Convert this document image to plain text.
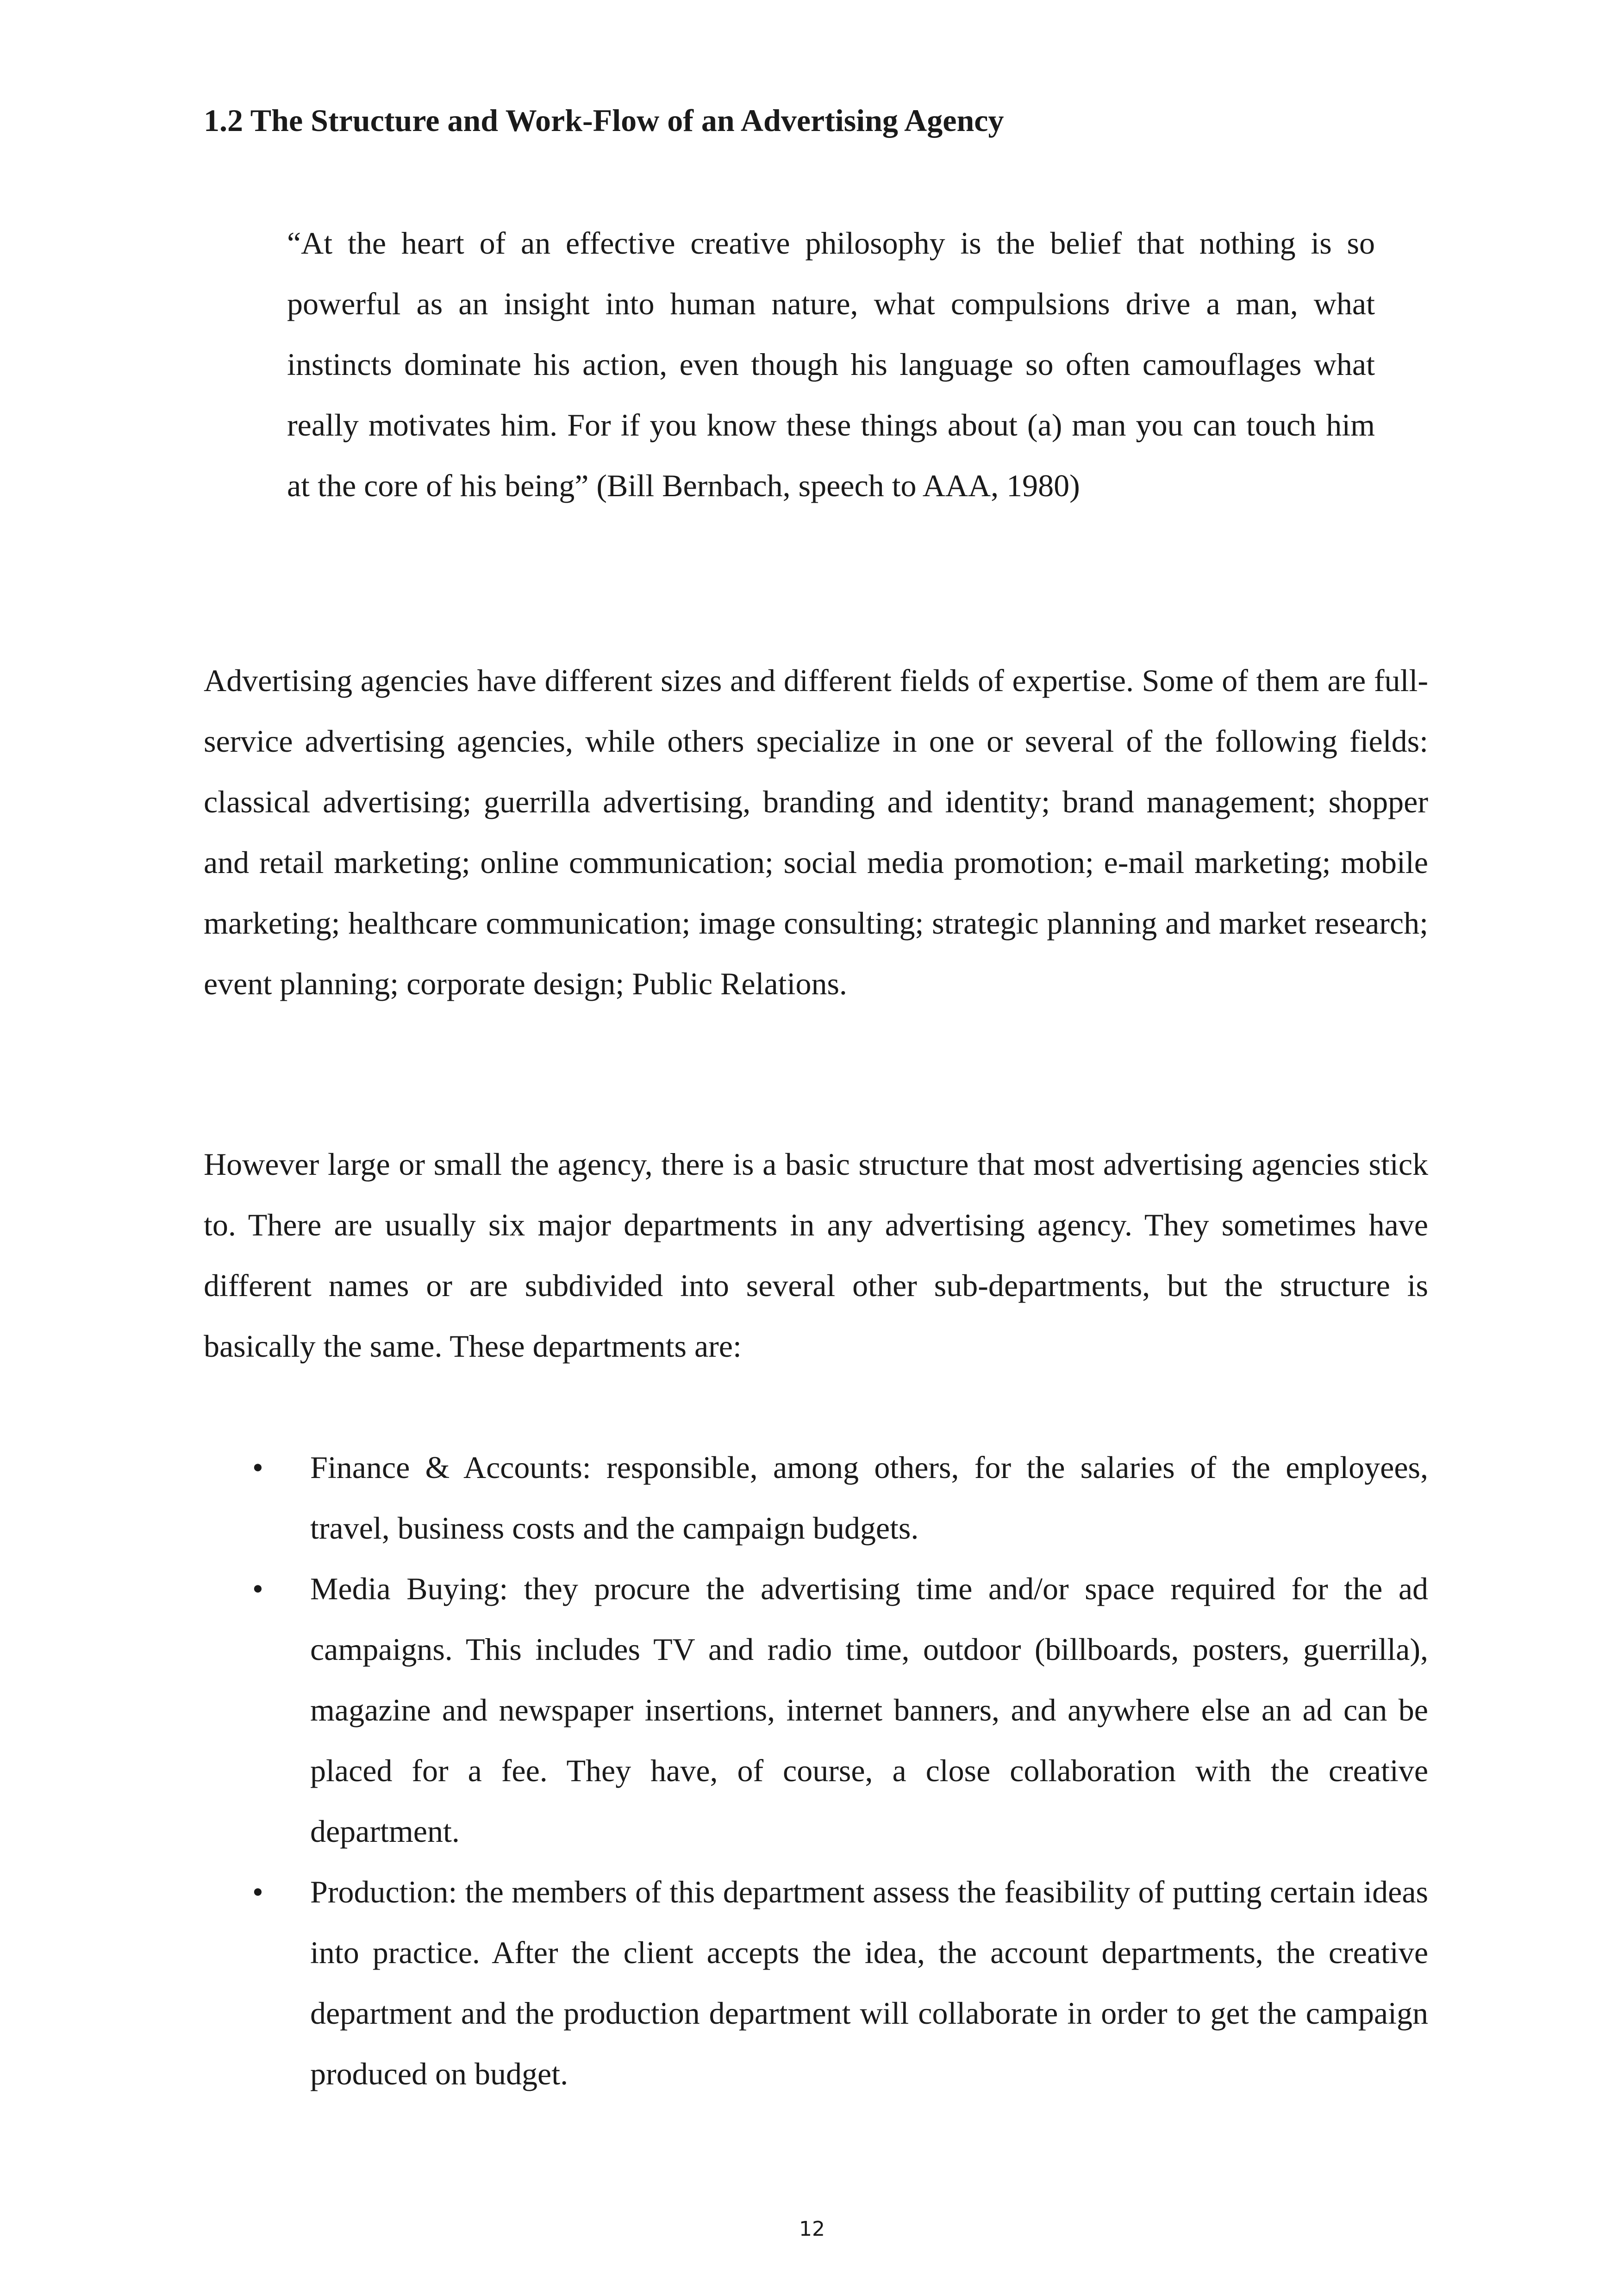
1.2 The Structure and Work-Flow of an Advertising Agency

“At the heart of an effective creative philosophy is the belief that nothing is so powerful as an insight into human nature, what compulsions drive a man, what instincts dominate his action, even though his language so often camouflages what really motivates him. For if you know these things about (a) man you can touch him at the core of his being” (Bill Bernbach, speech to AAA, 1980)

Advertising agencies have different sizes and different fields of expertise. Some of them are full-service advertising agencies, while others specialize in one or several of the following fields: classical advertising; guerrilla advertising, branding and identity; brand management; shopper and retail marketing; online communication; social media promotion; e-mail marketing; mobile marketing; healthcare communication; image consulting; strategic planning and market research; event planning; corporate design; Public Relations.

However large or small the agency, there is a basic structure that most advertising agencies stick to. There are usually six major departments in any advertising agency. They sometimes have different names or are subdivided into several other sub-departments, but the structure is basically the same. These departments are:

• Finance & Accounts: responsible, among others, for the salaries of the employees, travel, business costs and the campaign budgets.
• Media Buying: they procure the advertising time and/or space required for the ad campaigns. This includes TV and radio time, outdoor (billboards, posters, guerrilla), magazine and newspaper insertions, internet banners, and anywhere else an ad can be placed for a fee. They have, of course, a close collaboration with the creative department.
• Production: the members of this department assess the feasibility of putting certain ideas into practice. After the client accepts the idea, the account departments, the creative department and the production department will collaborate in order to get the campaign produced on budget.

12
